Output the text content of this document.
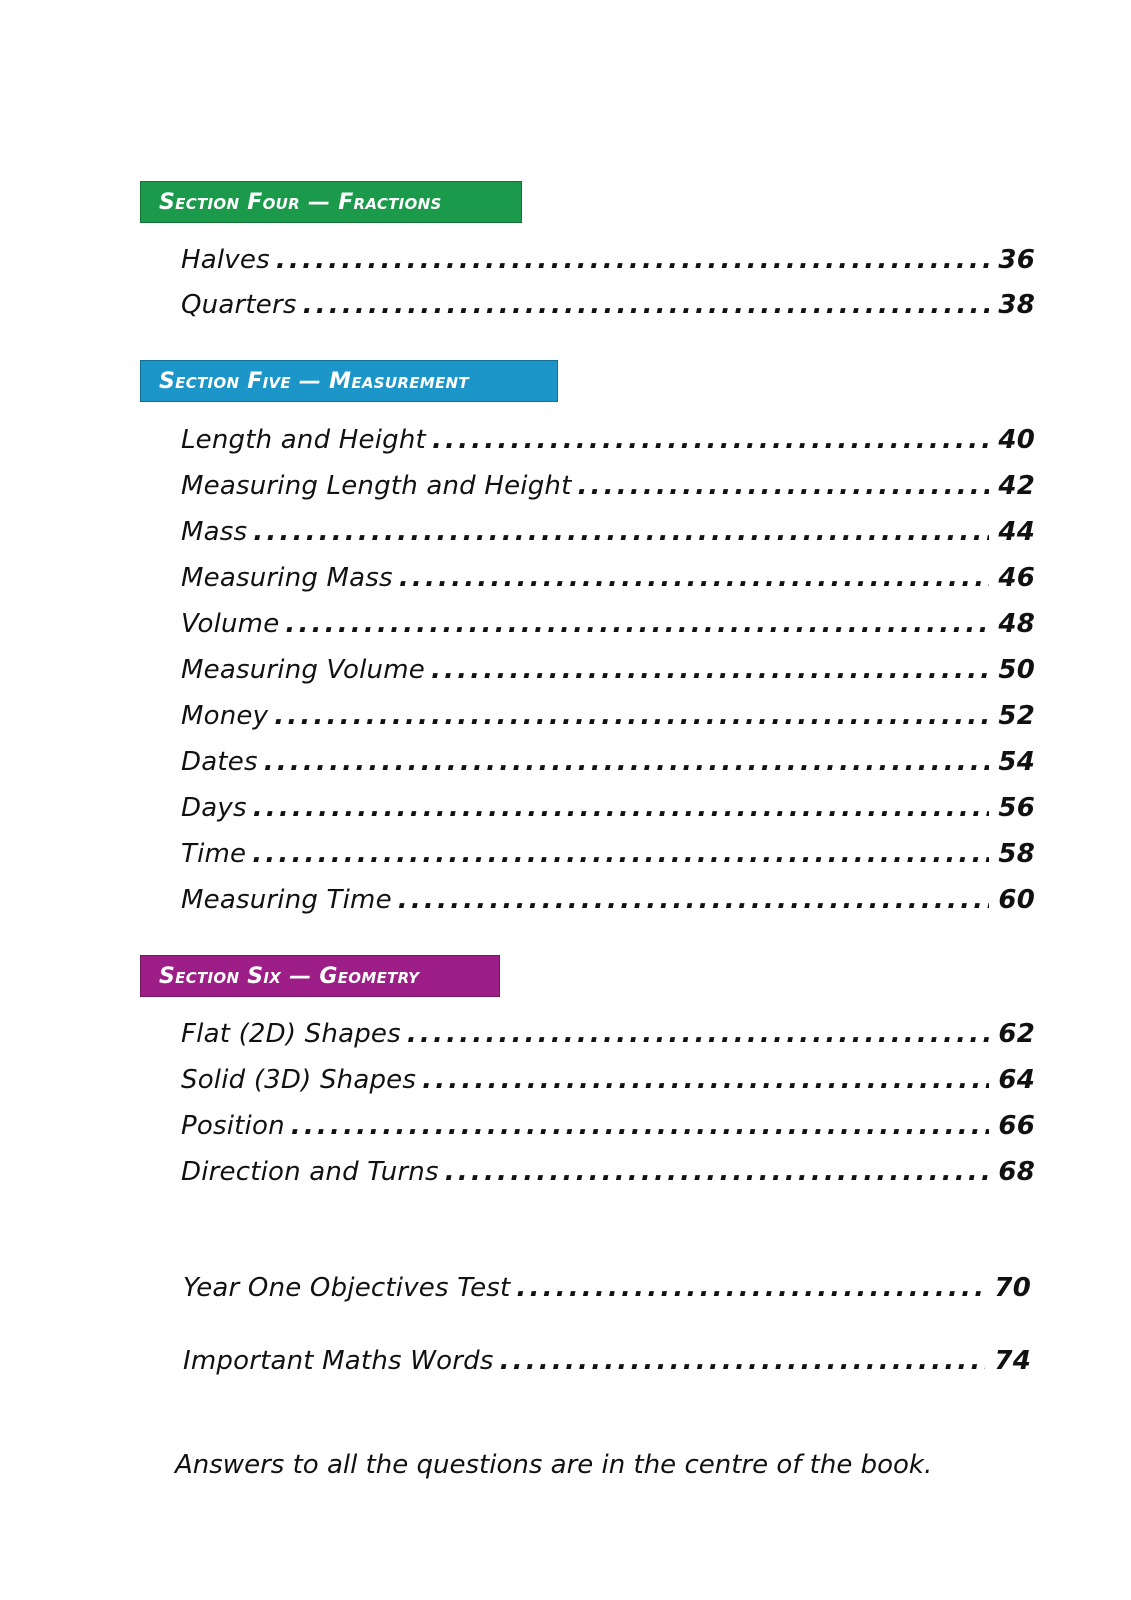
Section Four — Fractions
Halves .....	36
Quarters .....	38
Section Five — Measurement
Length and Height .....	40
Measuring Length and Height .....	42
Mass .....	44
Measuring Mass .....	46
Volume .....	48
Measuring Volume .....	50
Money .....	52
Dates .....	54
Days .....	56
Time .....	58
Measuring Time .....	60
Section Six — Geometry
Flat (2D) Shapes .....	62
Solid (3D) Shapes .....	64
Position .....	66
Direction and Turns .....	68
Year One Objectives Test .....	70
Important Maths Words .....	74
Answers to all the questions are in the centre of the book.
